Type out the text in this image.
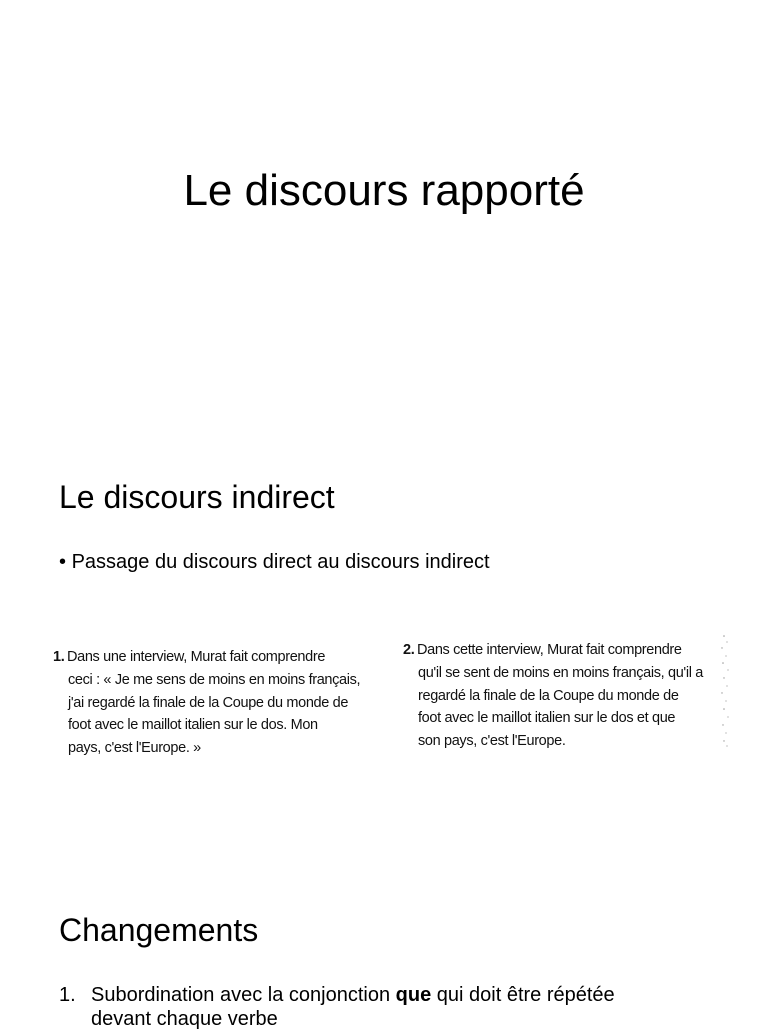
Le discours rapporté
Le discours indirect
• Passage du discours direct au discours indirect
1. Dans une interview, Murat fait comprendre
ceci : « Je me sens de moins en moins français,
j'ai regardé la finale de la Coupe du monde de
foot avec le maillot italien sur le dos. Mon
pays, c'est l'Europe. »
2. Dans cette interview, Murat fait comprendre
qu'il se sent de moins en moins français, qu'il a
regardé la finale de la Coupe du monde de
foot avec le maillot italien sur le dos et que
son pays, c'est l'Europe.
Changements
1. Subordination avec la conjonction que qui doit être répétée
devant chaque verbe
